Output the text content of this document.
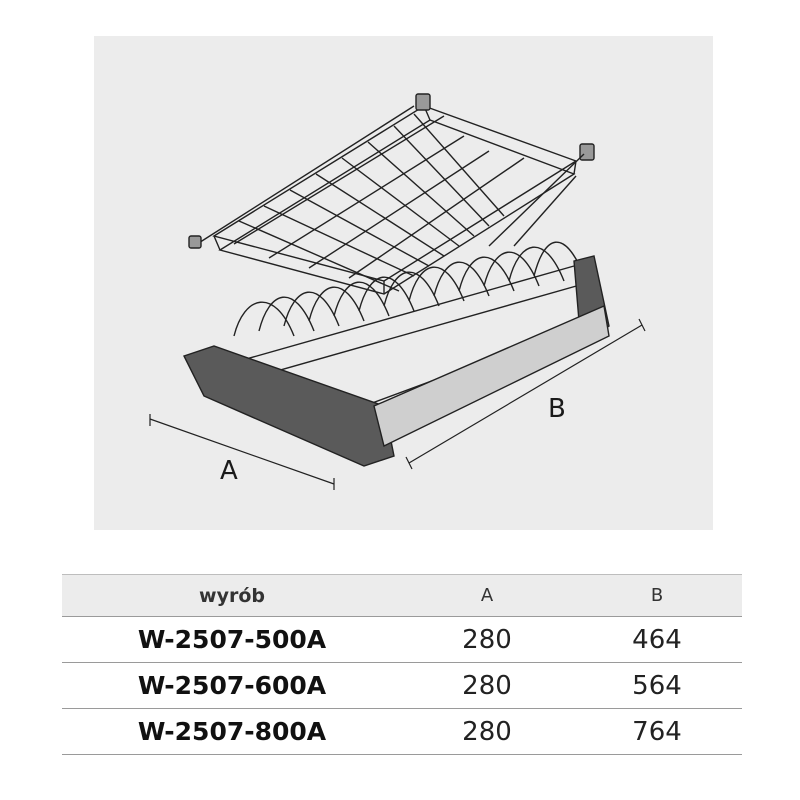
A
B
wyrób	A	B
W-2507-500A	280	464
W-2507-600A	280	564
W-2507-800A	280	764
